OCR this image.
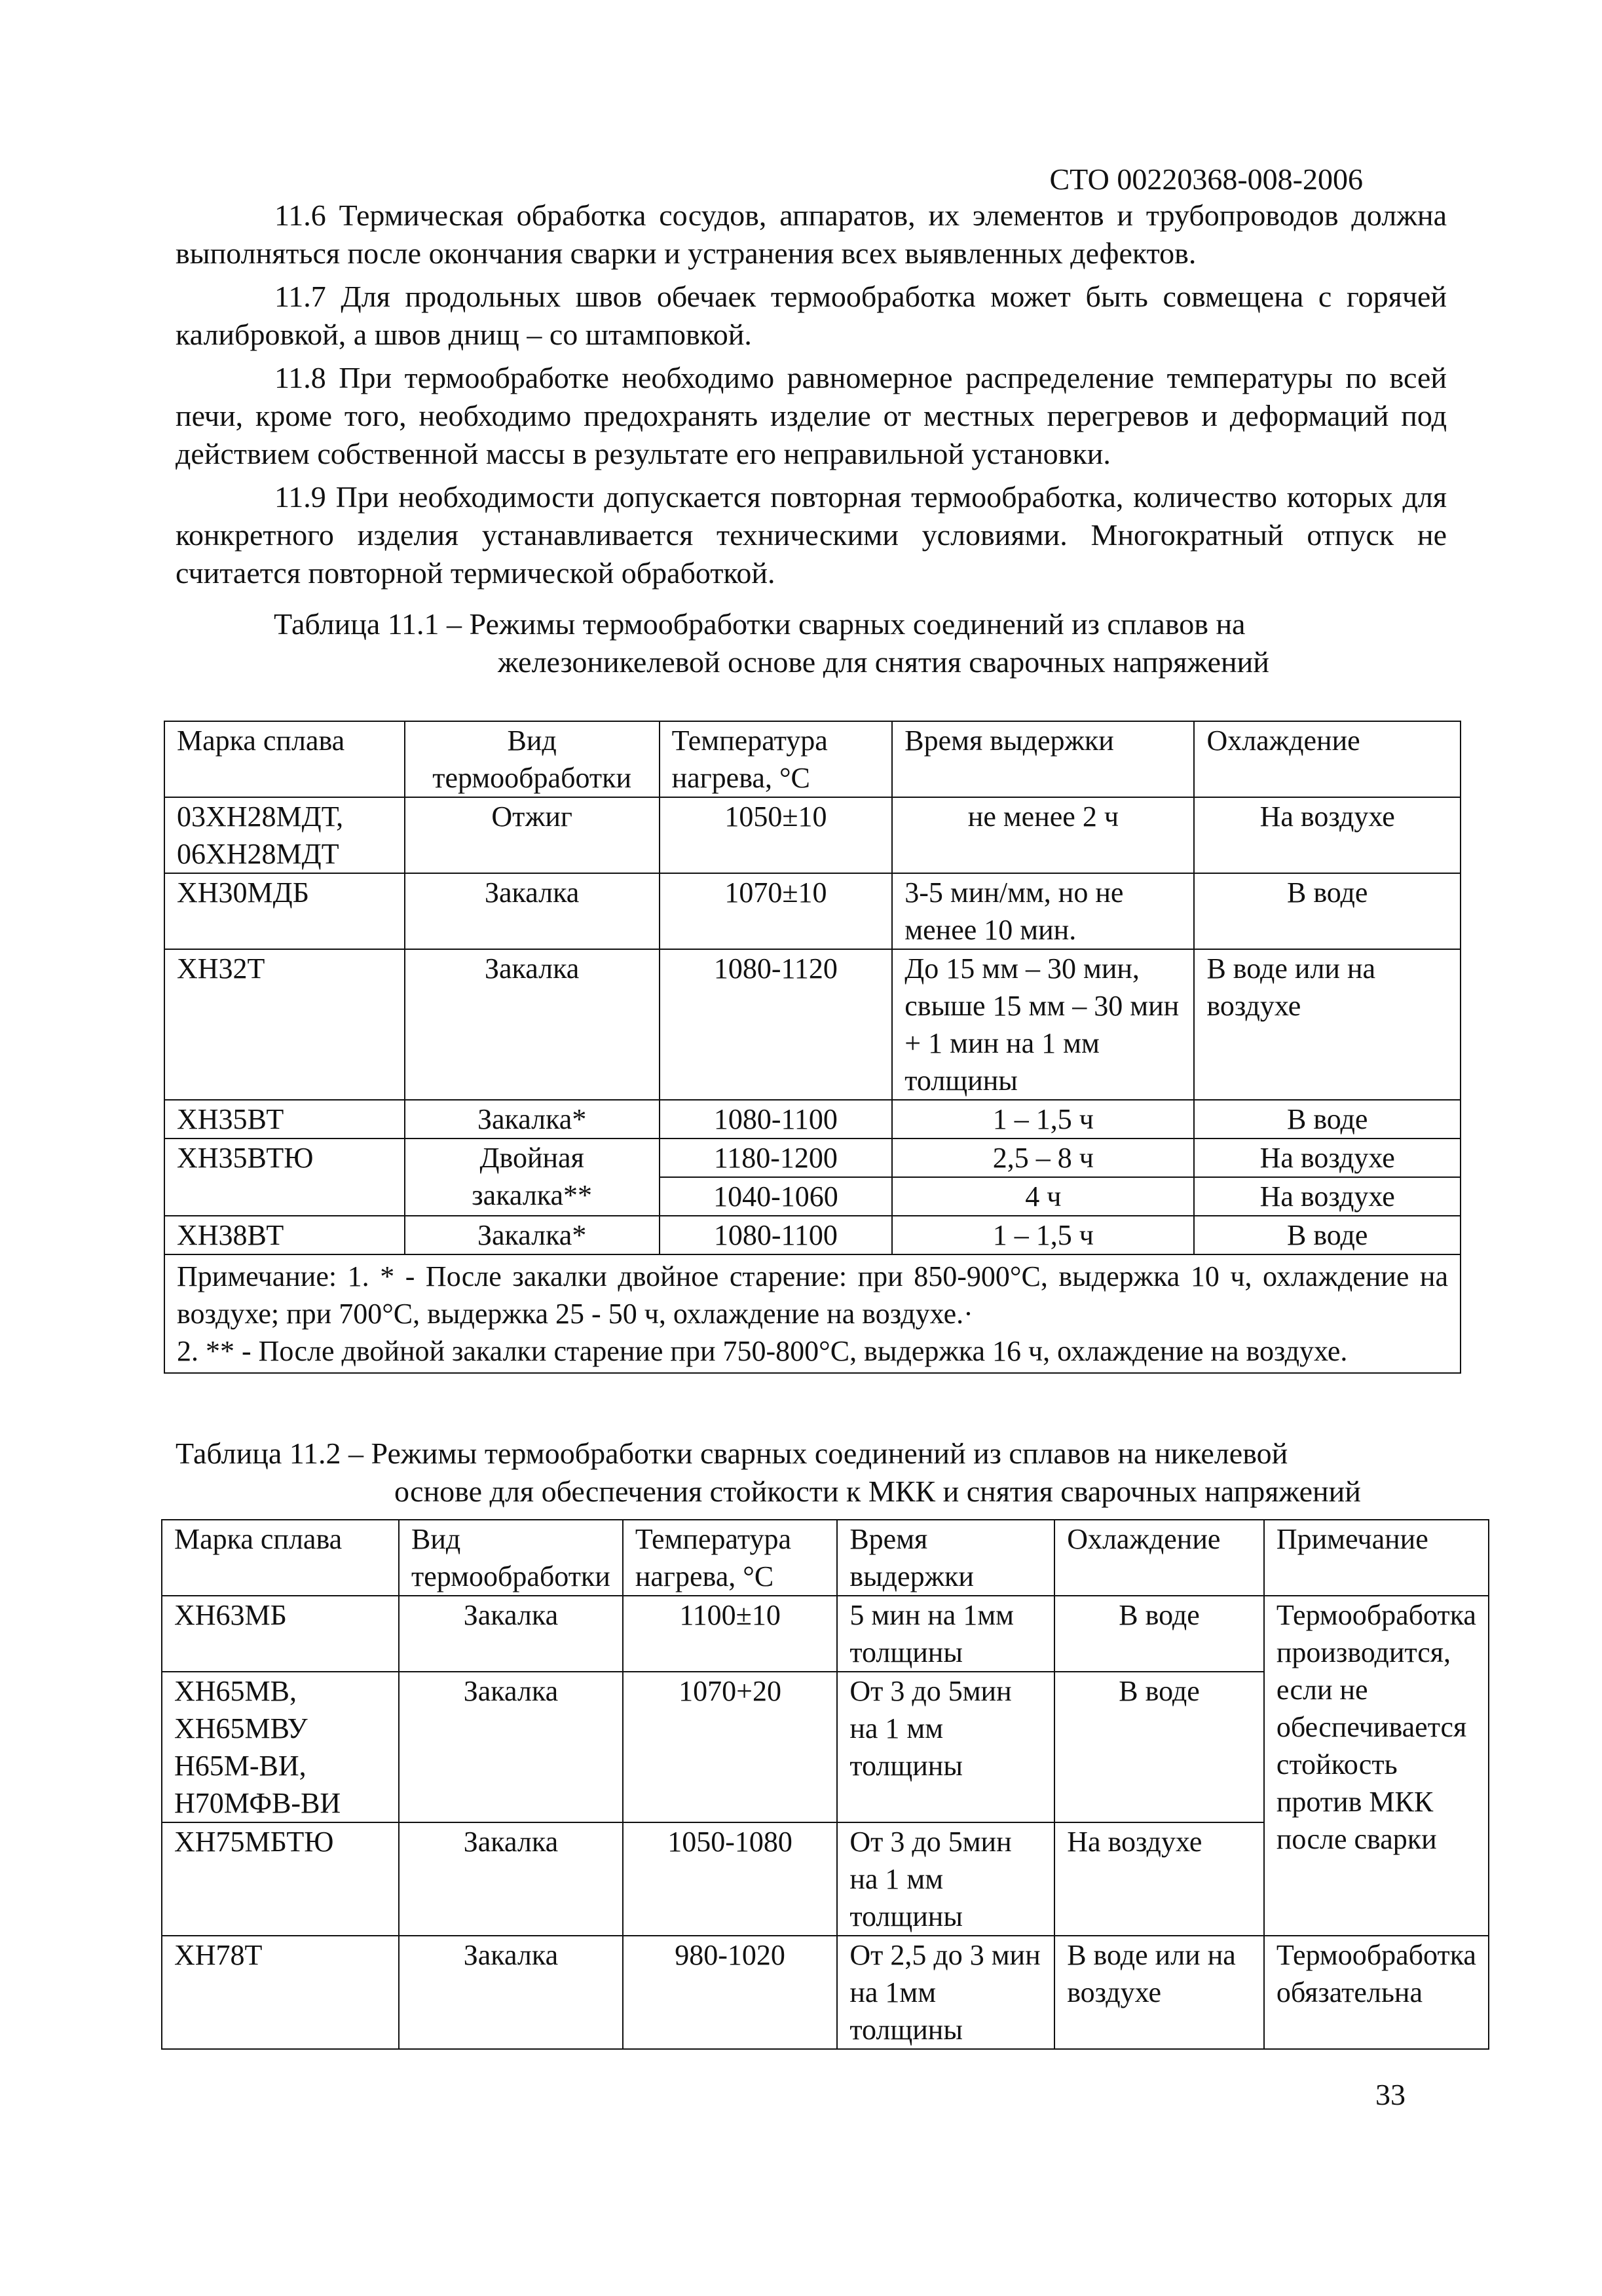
СТО 00220368-008-2006

11.6 Термическая обработка сосудов, аппаратов, их элементов и трубопроводов должна выполняться после окончания сварки и устранения всех выявленных дефектов.

11.7 Для продольных швов обечаек термообработка может быть совмещена с горячей калибровкой, а швов днищ – со штамповкой.

11.8 При термообработке необходимо равномерное распределение температуры по всей печи, кроме того, необходимо предохранять изделие от местных перегревов и деформаций под действием собственной массы в результате его неправильной установки.

11.9 При необходимости допускается повторная термообработка, количество которых для конкретного изделия устанавливается техническими условиями. Многократный отпуск не считается повторной термической обработкой.

Таблица 11.1 – Режимы термообработки сварных соединений из сплавов на
железоникелевой основе для снятия сварочных напряжений
Марка сплава	Вид термообработки	Температура нагрева, °С	Время выдержки	Охлаждение
03ХН28МДТ, 06ХН28МДТ	Отжиг	1050±10	не менее 2 ч	На воздухе
ХН30МДБ	Закалка	1070±10	3-5 мин/мм, но не менее 10 мин.	В воде
ХН32Т	Закалка	1080-1120	До 15 мм – 30 мин, свыше 15 мм – 30 мин + 1 мин на 1 мм толщины	В воде или на воздухе
ХН35ВТ	Закалка*	1080-1100	1 – 1,5 ч	В воде
ХН35ВТЮ	Двойная закалка**	1180-1200	2,5 – 8 ч	На воздухе
		1040-1060	4 ч	На воздухе
ХН38ВТ	Закалка*	1080-1100	1 – 1,5 ч	В воде

Примечание: 1. * - После закалки двойное старение: при 850-900°С, выдержка 10 ч, охлаждение на воздухе; при 700°С, выдержка 25 - 50 ч, охлаждение на воздухе.·
2. ** - После двойной закалки старение при 750-800°С, выдержка 16 ч, охлаждение на воздухе.				
Таблица 11.2 – Режимы термообработки сварных соединений из сплавов на никелевой
основе для обеспечения стойкости к МКК и снятия сварочных напряжений
Марка сплава	Вид термообработки	Температура нагрева, °С	Время выдержки	Охлаждение	Примечание
ХН63МБ	Закалка	1100±10	5 мин на 1мм толщины	В воде	Термообработка производится, если не обеспечивается стойкость против МКК после сварки
ХН65МВ, ХН65МВУ Н65М-ВИ, Н70МФВ-ВИ	Закалка	1070+20	От 3 до 5мин на 1 мм толщины	В воде	
ХН75МБТЮ	Закалка	1050-1080	От 3 до 5мин на 1 мм толщины	На воздухе	
ХН78Т	Закалка	980-1020	От 2,5 до 3 мин на 1мм толщины	В воде или на воздухе	Термообработка обязательна
33
